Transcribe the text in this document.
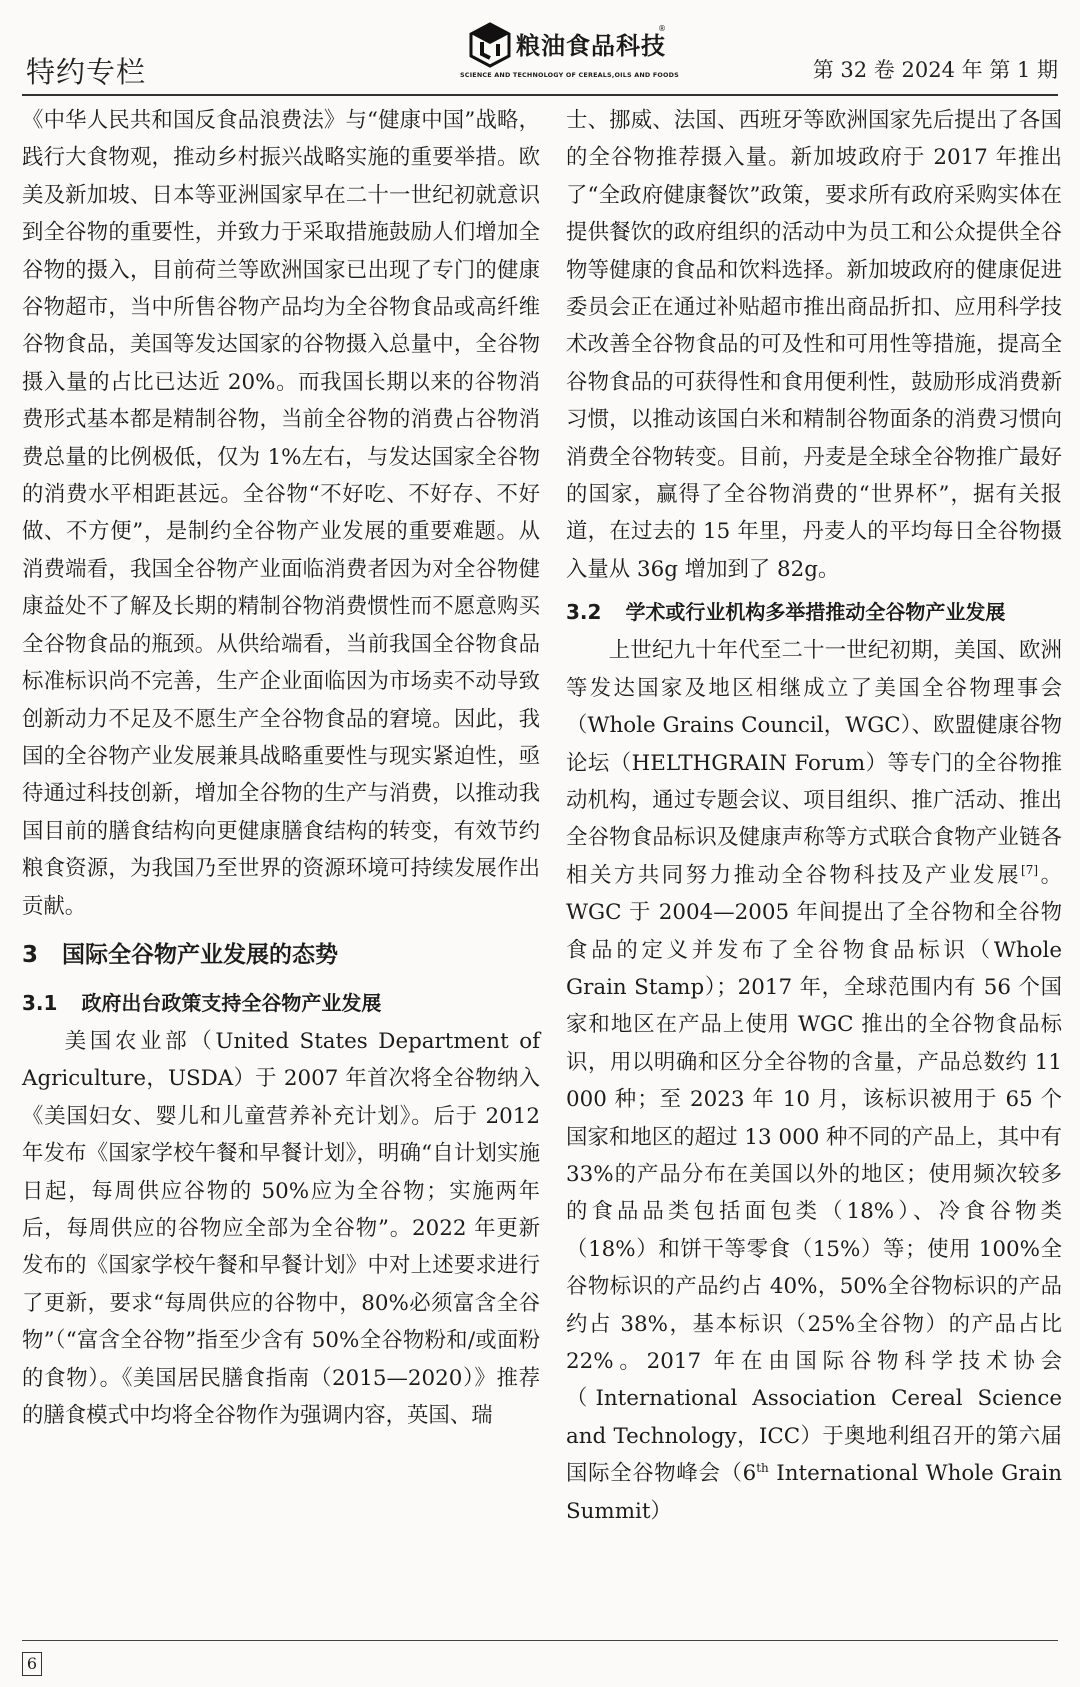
特约专栏
粮油食品科技
®
SCIENCE AND TECHNOLOGY OF CEREALS,OILS AND FOODS	第 32 卷 2024 年 第 1 期

《中华人民共和国反食品浪费法》与“健康中国”战略，践行大食物观，推动乡村振兴战略实施的重要举措。欧美及新加坡、日本等亚洲国家早在二十一世纪初就意识到全谷物的重要性，并致力于采取措施鼓励人们增加全谷物的摄入，目前荷兰等欧洲国家已出现了专门的健康谷物超市，当中所售谷物产品均为全谷物食品或高纤维谷物食品，美国等发达国家的谷物摄入总量中，全谷物摄入量的占比已达近 20%。而我国长期以来的谷物消费形式基本都是精制谷物，当前全谷物的消费占谷物消费总量的比例极低，仅为 1%左右，与发达国家全谷物的消费水平相距甚远。全谷物“不好吃、不好存、不好做、不方便”，是制约全谷物产业发展的重要难题。从消费端看，我国全谷物产业面临消费者因为对全谷物健康益处不了解及长期的精制谷物消费惯性而不愿意购买全谷物食品的瓶颈。从供给端看，当前我国全谷物食品标准标识尚不完善，生产企业面临因为市场卖不动导致创新动力不足及不愿生产全谷物食品的窘境。因此，我国的全谷物产业发展兼具战略重要性与现实紧迫性，亟待通过科技创新，增加全谷物的生产与消费，以推动我国目前的膳食结构向更健康膳食结构的转变，有效节约粮食资源，为我国乃至世界的资源环境可持续发展作出贡献。

3 国际全谷物产业发展的态势

3.1 政府出台政策支持全谷物产业发展

美国农业部（United States Department of Agriculture，USDA）于 2007 年首次将全谷物纳入《美国妇女、婴儿和儿童营养补充计划》。后于 2012 年发布《国家学校午餐和早餐计划》，明确“自计划实施日起，每周供应谷物的 50%应为全谷物；实施两年后，每周供应的谷物应全部为全谷物”。2022 年更新发布的《国家学校午餐和早餐计划》中对上述要求进行了更新，要求“每周供应的谷物中，80%必须富含全谷物”（“富含全谷物”指至少含有 50%全谷物粉和/或面粉的食物）。《美国居民膳食指南（2015—2020）》推荐的膳食模式中均将全谷物作为强调内容，英国、瑞

士、挪威、法国、西班牙等欧洲国家先后提出了各国的全谷物推荐摄入量。新加坡政府于 2017 年推出了“全政府健康餐饮”政策，要求所有政府采购实体在提供餐饮的政府组织的活动中为员工和公众提供全谷物等健康的食品和饮料选择。新加坡政府的健康促进委员会正在通过补贴超市推出商品折扣、应用科学技术改善全谷物食品的可及性和可用性等措施，提高全谷物食品的可获得性和食用便利性，鼓励形成消费新习惯，以推动该国白米和精制谷物面条的消费习惯向消费全谷物转变。目前，丹麦是全球全谷物推广最好的国家，赢得了全谷物消费的“世界杯”，据有关报道，在过去的 15 年里，丹麦人的平均每日全谷物摄入量从 36g 增加到了 82g。

3.2 学术或行业机构多举措推动全谷物产业发展

上世纪九十年代至二十一世纪初期，美国、欧洲等发达国家及地区相继成立了美国全谷物理事会（Whole Grains Council，WGC）、欧盟健康谷物论坛（HELTHGRAIN Forum）等专门的全谷物推动机构，通过专题会议、项目组织、推广活动、推出全谷物食品标识及健康声称等方式联合食物产业链各相关方共同努力推动全谷物科技及产业发展[7]。WGC 于 2004—2005 年间提出了全谷物和全谷物食品的定义并发布了全谷物食品标识（Whole Grain Stamp）；2017 年，全球范围内有 56 个国家和地区在产品上使用 WGC 推出的全谷物食品标识，用以明确和区分全谷物的含量，产品总数约 11 000 种；至 2023 年 10 月，该标识被用于 65 个国家和地区的超过 13 000 种不同的产品上，其中有 33%的产品分布在美国以外的地区；使用频次较多的食品品类包括面包类（18%）、冷食谷物类（18%）和饼干等零食（15%）等；使用 100%全谷物标识的产品约占 40%，50%全谷物标识的产品约占 38%，基本标识（25%全谷物）的产品占比 22%。2017 年在由国际谷物科学技术协会（International Association Cereal Science and Technology，ICC）于奥地利组召开的第六届国际全谷物峰会（6th International Whole Grain Summit）

6
